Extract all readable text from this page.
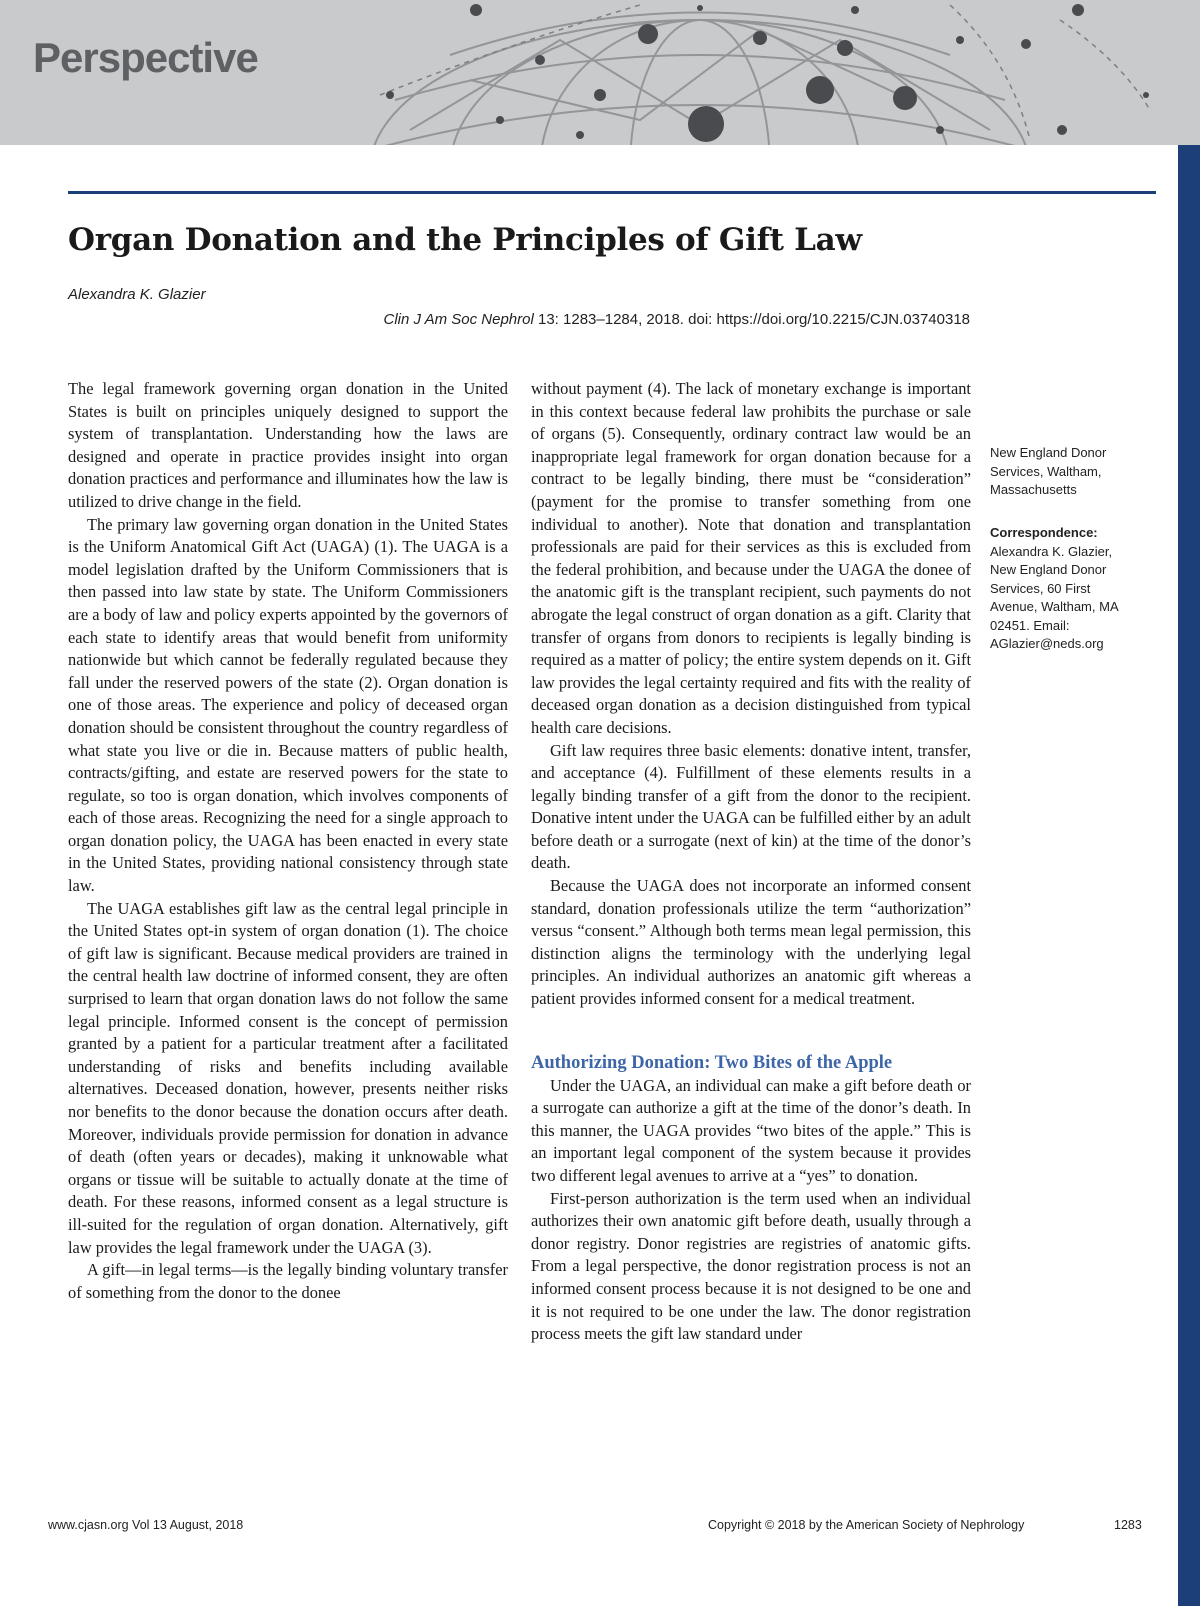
Perspective
Organ Donation and the Principles of Gift Law
Alexandra K. Glazier
Clin J Am Soc Nephrol 13: 1283–1284, 2018. doi: https://doi.org/10.2215/CJN.03740318

The legal framework governing organ donation in the United States is built on principles uniquely designed to support the system of transplantation. Understanding how the laws are designed and operate in practice provides insight into organ donation practices and performance and illuminates how the law is utilized to drive change in the field.

The primary law governing organ donation in the United States is the Uniform Anatomical Gift Act (UAGA) (1). The UAGA is a model legislation drafted by the Uniform Commissioners that is then passed into law state by state. The Uniform Commissioners are a body of law and policy experts appointed by the governors of each state to identify areas that would benefit from uniformity nationwide but which cannot be federally regulated because they fall under the reserved powers of the state (2). Organ donation is one of those areas. The experience and policy of deceased organ donation should be consistent throughout the country regardless of what state you live or die in. Because matters of public health, contracts/gifting, and estate are reserved powers for the state to regulate, so too is organ donation, which involves components of each of those areas. Recognizing the need for a single approach to organ donation policy, the UAGA has been enacted in every state in the United States, providing national consistency through state law.

The UAGA establishes gift law as the central legal principle in the United States opt-in system of organ donation (1). The choice of gift law is significant. Because medical providers are trained in the central health law doctrine of informed consent, they are often surprised to learn that organ donation laws do not follow the same legal principle. Informed consent is the concept of permission granted by a patient for a particular treatment after a facilitated understanding of risks and benefits including available alternatives. Deceased donation, however, presents neither risks nor benefits to the donor because the donation occurs after death. Moreover, individuals provide permission for donation in advance of death (often years or decades), making it unknowable what organs or tissue will be suitable to actually donate at the time of death. For these reasons, informed consent as a legal structure is ill-suited for the regulation of organ donation. Alternatively, gift law provides the legal framework under the UAGA (3).

A gift—in legal terms—is the legally binding voluntary transfer of something from the donor to the donee

without payment (4). The lack of monetary exchange is important in this context because federal law prohibits the purchase or sale of organs (5). Consequently, ordinary contract law would be an inappropriate legal framework for organ donation because for a contract to be legally binding, there must be “consideration” (payment for the promise to transfer something from one individual to another). Note that donation and transplantation professionals are paid for their services as this is excluded from the federal prohibition, and because under the UAGA the donee of the anatomic gift is the transplant recipient, such payments do not abrogate the legal construct of organ donation as a gift. Clarity that transfer of organs from donors to recipients is legally binding is required as a matter of policy; the entire system depends on it. Gift law provides the legal certainty required and fits with the reality of deceased organ donation as a decision distinguished from typical health care decisions.

Gift law requires three basic elements: donative intent, transfer, and acceptance (4). Fulfillment of these elements results in a legally binding transfer of a gift from the donor to the recipient. Donative intent under the UAGA can be fulfilled either by an adult before death or a surrogate (next of kin) at the time of the donor’s death.

Because the UAGA does not incorporate an informed consent standard, donation professionals utilize the term “authorization” versus “consent.” Although both terms mean legal permission, this distinction aligns the terminology with the underlying legal principles. An individual authorizes an anatomic gift whereas a patient provides informed consent for a medical treatment.

Authorizing Donation: Two Bites of the Apple

Under the UAGA, an individual can make a gift before death or a surrogate can authorize a gift at the time of the donor’s death. In this manner, the UAGA provides “two bites of the apple.” This is an important legal component of the system because it provides two different legal avenues to arrive at a “yes” to donation.

First-person authorization is the term used when an individual authorizes their own anatomic gift before death, usually through a donor registry. Donor registries are registries of anatomic gifts. From a legal perspective, the donor registration process is not an informed consent process because it is not designed to be one and it is not required to be one under the law. The donor registration process meets the gift law standard under

New England Donor Services, Waltham, Massachusetts
Correspondence:
Alexandra K. Glazier, New England Donor Services, 60 First Avenue, Waltham, MA 02451. Email: AGlazier@neds.org
www.cjasn.org Vol 13 August, 2018	Copyright © 2018 by the American Society of Nephrology	1283
